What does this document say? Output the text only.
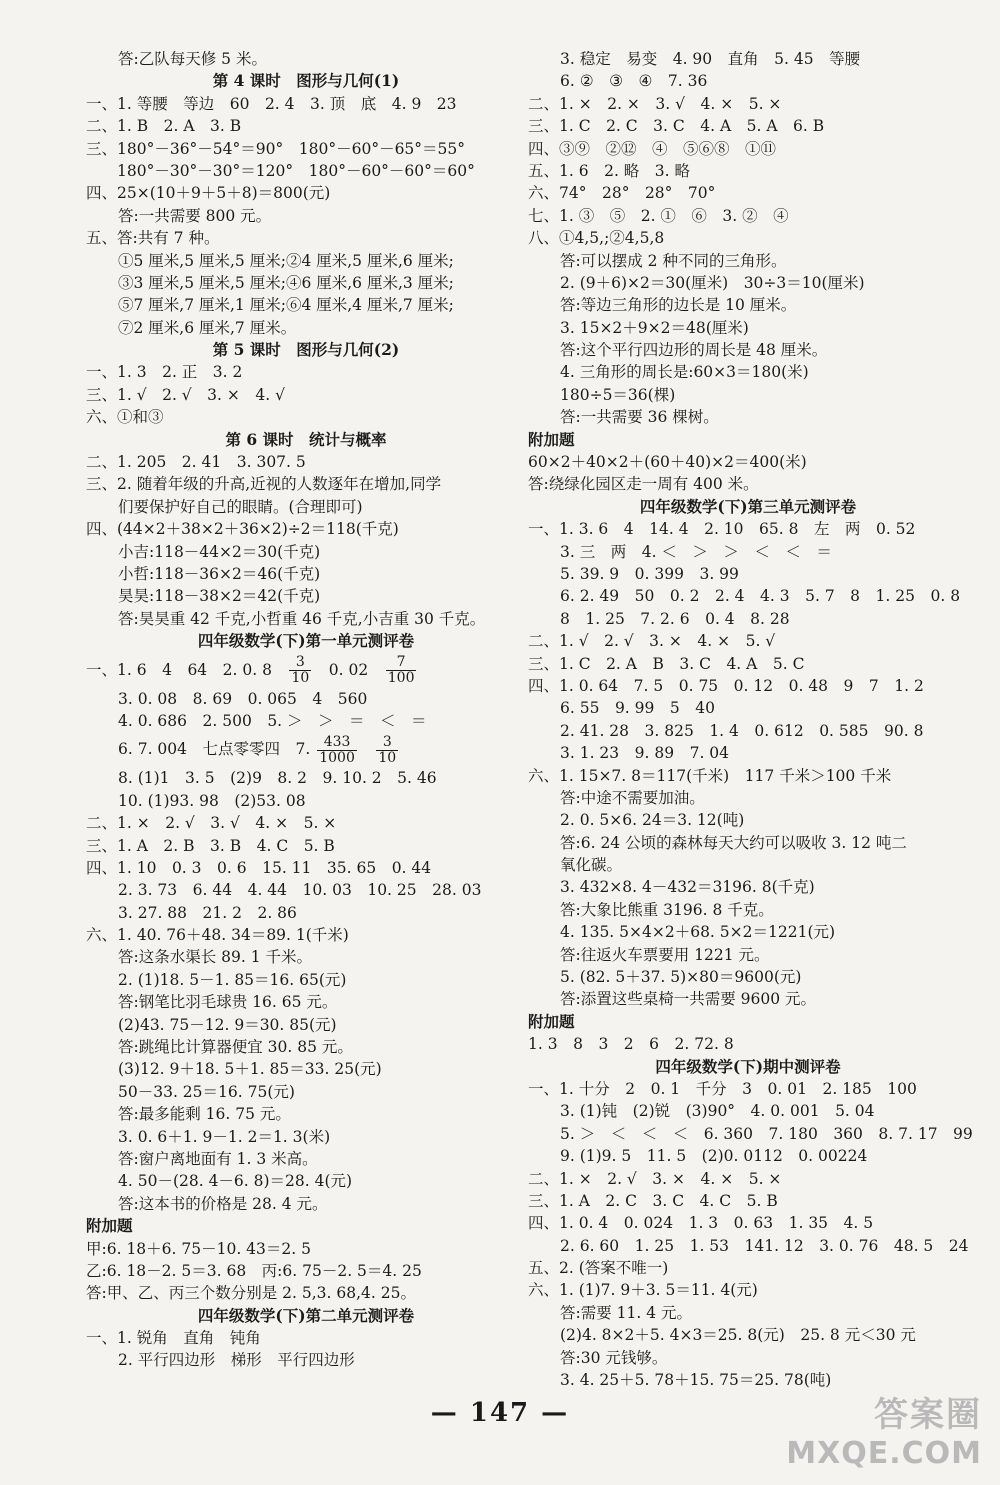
答:乙队每天修 5 米。
第 4 课时　图形与几何(1)
一、1. 等腰　等边　60　2. 4　3. 顶　底　4. 9　23
二、1. B　2. A　3. B
三、180°－36°－54°＝90°　180°－60°－65°＝55°
　　180°－30°－30°＝120°　180°－60°－60°＝60°
四、25×(10＋9＋5＋8)＝800(元)
答:一共需要 800 元。
五、答:共有 7 种。
①5 厘米,5 厘米,5 厘米;②4 厘米,5 厘米,6 厘米;
③3 厘米,5 厘米,5 厘米;④6 厘米,6 厘米,3 厘米;
⑤7 厘米,7 厘米,1 厘米;⑥4 厘米,4 厘米,7 厘米;
⑦2 厘米,6 厘米,7 厘米。
第 5 课时　图形与几何(2)
一、1. 3　2. 正　3. 2
三、1. √　2. √　3. ×　4. √
六、①和③
第 6 课时　统计与概率
二、1. 205　2. 41　3. 307. 5
三、2. 随着年级的升高,近视的人数逐年在增加,同学
们要保护好自己的眼睛。(合理即可)
四、(44×2＋38×2＋36×2)÷2＝118(千克)
小吉:118－44×2＝30(千克)
小哲:118－36×2＝46(千克)
昊昊:118－38×2＝42(千克)
答:昊昊重 42 千克,小哲重 46 千克,小吉重 30 千克。
四年级数学(下)第一单元测评卷
一、1. 6　4　64　2. 0. 8　 $\frac{3}{10}$ 　0. 02　 $\frac{7}{100}$
3. 0. 08　8. 69　0. 065　4　560
4. 0. 686　2. 500　5. ＞　＞　＝　＜　＝
6. 7. 004　七点零零四　7. $\frac{433}{1000}$
　 $\frac{3}{10}$
8. (1)1　3. 5　(2)9　8. 2　9. 10. 2　5. 46
10. (1)93. 98　(2)53. 08
二、1. ×　2. √　3. √　4. ×　5. ×
三、1. A　2. B　3. B　4. C　5. B
四、1. 10　0. 3　0. 6　15. 11　35. 65　0. 44
2. 3. 73　6. 44　4. 44　10. 03　10. 25　28. 03
3. 27. 88　21. 2　2. 86
六、1. 40. 76＋48. 34＝89. 1(千米)
答:这条水渠长 89. 1 千米。
2. (1)18. 5－1. 85＝16. 65(元)
答:钢笔比羽毛球贵 16. 65 元。
(2)43. 75－12. 9＝30. 85(元)
答:跳绳比计算器便宜 30. 85 元。
(3)12. 9＋18. 5＋1. 85＝33. 25(元)
50－33. 25＝16. 75(元)
答:最多能剩 16. 75 元。
3. 0. 6＋1. 9－1. 2＝1. 3(米)
答:窗户离地面有 1. 3 米高。
4. 50－(28. 4－6. 8)＝28. 4(元)
答:这本书的价格是 28. 4 元。
附加题
甲:6. 18＋6. 75－10. 43＝2. 5
乙:6. 18－2. 5＝3. 68　丙:6. 75－2. 5＝4. 25
答:甲、乙、丙三个数分别是 2. 5,3. 68,4. 25。
四年级数学(下)第二单元测评卷
一、1. 锐角　直角　钝角
2. 平行四边形　梯形　平行四边形
3. 稳定　易变　4. 90　直角　5. 45　等腰
6. ②　③　④　7. 36
二、1. ×　2. ×　3. √　4. ×　5. ×
三、1. C　2. C　3. C　4. A　5. A　6. B
四、③⑨　②⑫　④　⑤⑥⑧　①⑪
五、1. 6　2. 略　3. 略
六、74°　28°　28°　70°
七、1. ③　⑤　2. ①　⑥　3. ②　④
八、①4,5,;②4,5,8
答:可以摆成 2 种不同的三角形。
2. (9＋6)×2＝30(厘米)　30÷3＝10(厘米)
答:等边三角形的边长是 10 厘米。
3. 15×2＋9×2＝48(厘米)
答:这个平行四边形的周长是 48 厘米。
4. 三角形的周长是:60×3＝180(米)
180÷5＝36(棵)
答:一共需要 36 棵树。
附加题
60×2＋40×2＋(60＋40)×2＝400(米)
答:绕绿化园区走一周有 400 米。
四年级数学(下)第三单元测评卷
一、1. 3. 6　4　14. 4　2. 10　65. 8　左　两　0. 52
3. 三　两　4. ＜　＞　＞　＜　＜　＝
5. 39. 9　0. 399　3. 99
6. 2. 49　50　0. 2　2. 4　4. 3　5. 7　8　1. 25　0. 8
8　1. 25　7. 2. 6　0. 4　8. 28
二、1. √　2. √　3. ×　4. ×　5. √
三、1. C　2. A　B　3. C　4. A　5. C
四、1. 0. 64　7. 5　0. 75　0. 12　0. 48　9　7　1. 2
6. 55　9. 99　5　40
2. 41. 28　3. 825　1. 4　0. 612　0. 585　90. 8
3. 1. 23　9. 89　7. 04
六、1. 15×7. 8＝117(千米)　117 千米＞100 千米
答:中途不需要加油。
2. 0. 5×6. 24＝3. 12(吨)
答:6. 24 公顷的森林每天大约可以吸收 3. 12 吨二
氧化碳。
3. 432×8. 4－432＝3196. 8(千克)
答:大象比熊重 3196. 8 千克。
4. 135. 5×4×2＋68. 5×2＝1221(元)
答:往返火车票要用 1221 元。
5. (82. 5＋37. 5)×80＝9600(元)
答:添置这些桌椅一共需要 9600 元。
附加题
1. 3　8　3　2　6　2. 72. 8
四年级数学(下)期中测评卷
一、1. 十分　2　0. 1　千分　3　0. 01　2. 185　100
3. (1)钝　(2)锐　(3)90°　4. 0. 001　5. 04
5. ＞　＜　＜　＜　6. 360　7. 180　360　8. 7. 17　99
9. (1)9. 5　11. 5　(2)0. 0112　0. 00224
二、1. ×　2. √　3. ×　4. ×　5. ×
三、1. A　2. C　3. C　4. C　5. B
四、1. 0. 4　0. 024　1. 3　0. 63　1. 35　4. 5
2. 6. 60　1. 25　1. 53　141. 12　3. 0. 76　48. 5　24
五、2. (答案不唯一)
六、1. (1)7. 9＋3. 5＝11. 4(元)
答:需要 11. 4 元。
(2)4. 8×2＋5. 4×3＝25. 8(元)　25. 8 元＜30 元
答:30 元钱够。
3. 4. 25＋5. 78＋15. 75＝25. 78(吨)
— 147 —	答案圈
MXQE.COM
